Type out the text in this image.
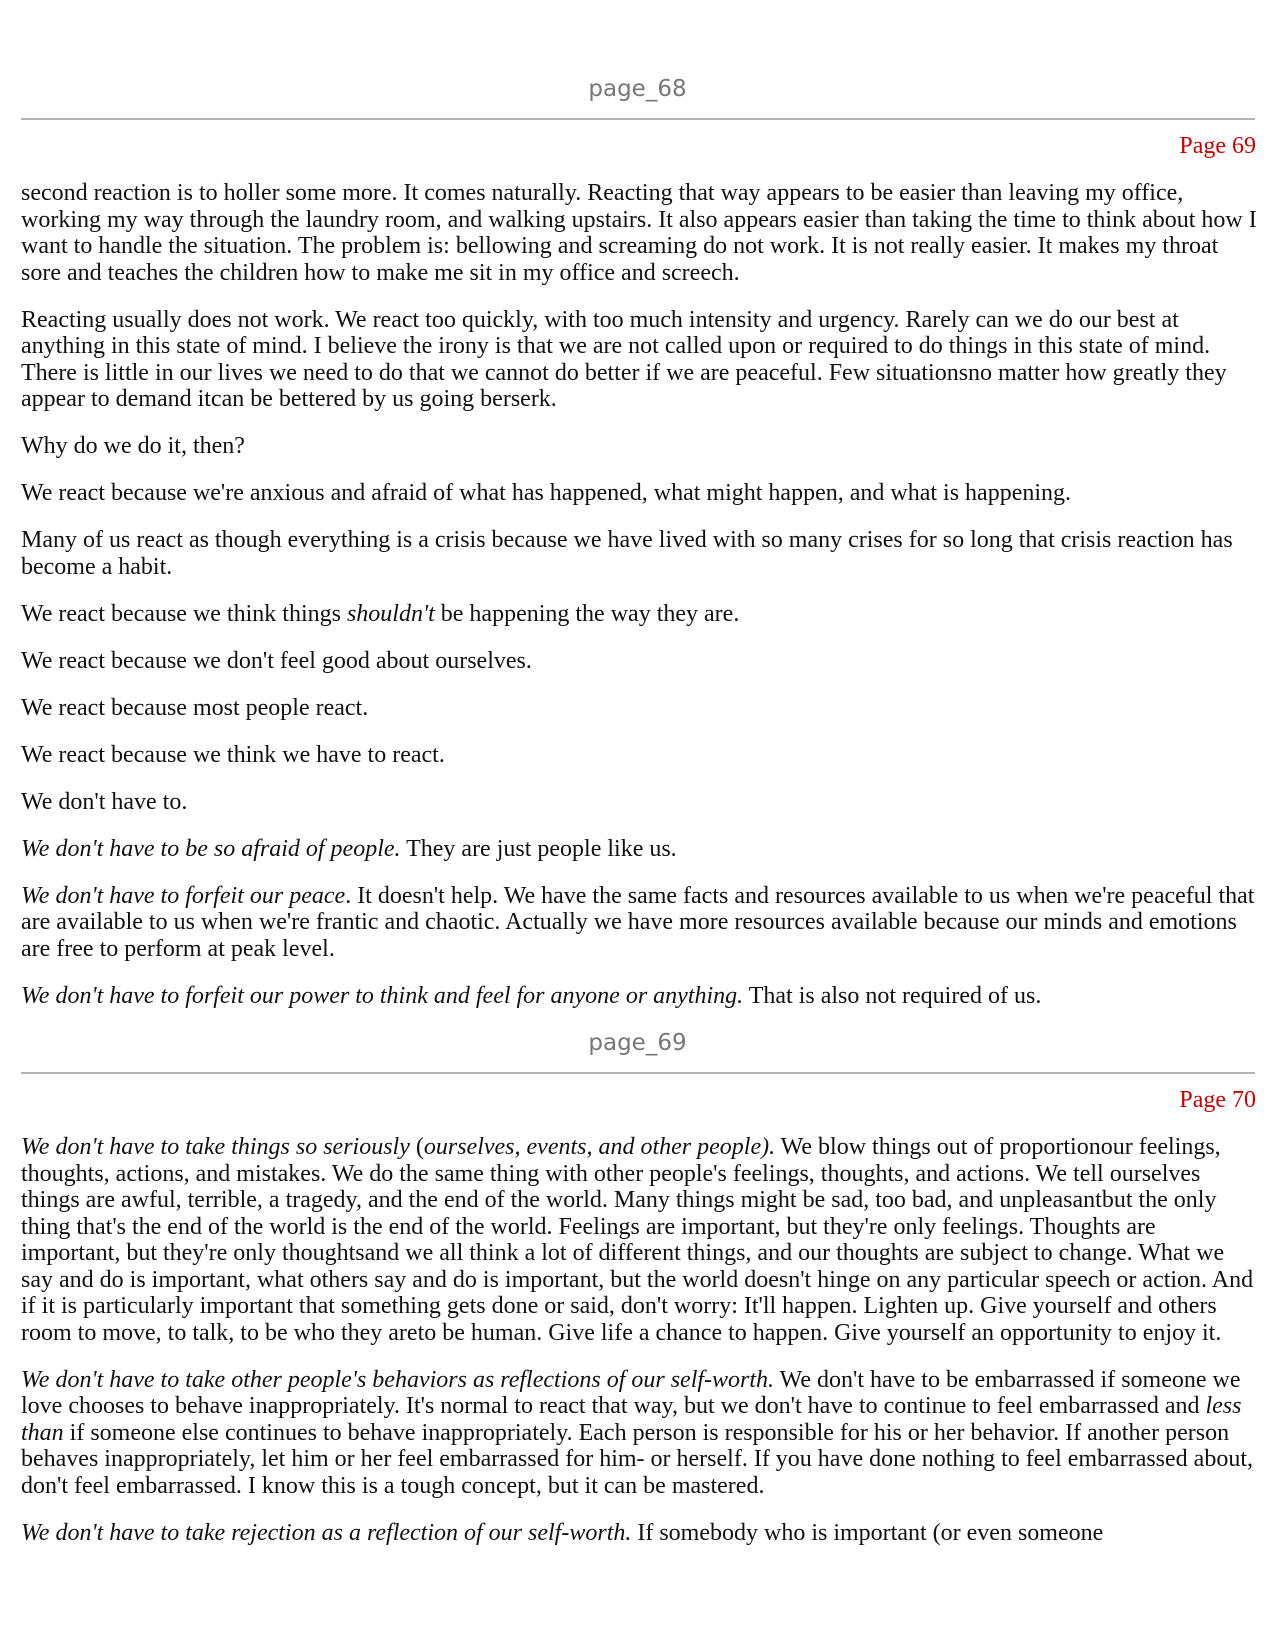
page_68
Page 69

second reaction is to holler some more. It comes naturally. Reacting that way appears to be easier than leaving my office, working my way through the laundry room, and walking upstairs. It also appears easier than taking the time to think about how I want to handle the situation. The problem is: bellowing and screaming do not work. It is not really easier. It makes my throat sore and teaches the children how to make me sit in my office and screech.

Reacting usually does not work. We react too quickly, with too much intensity and urgency. Rarely can we do our best at anything in this state of mind. I believe the irony is that we are not called upon or required to do things in this state of mind. There is little in our lives we need to do that we cannot do better if we are peaceful. Few situationsno matter how greatly they appear to demand itcan be bettered by us going berserk.

Why do we do it, then?

We react because we're anxious and afraid of what has happened, what might happen, and what is happening.

Many of us react as though everything is a crisis because we have lived with so many crises for so long that crisis reaction has become a habit.

We react because we think things shouldn't be happening the way they are.

We react because we don't feel good about ourselves.

We react because most people react.

We react because we think we have to react.

We don't have to.

We don't have to be so afraid of people. They are just people like us.

We don't have to forfeit our peace. It doesn't help. We have the same facts and resources available to us when we're peaceful that are available to us when we're frantic and chaotic. Actually we have more resources available because our minds and emotions are free to perform at peak level.

We don't have to forfeit our power to think and feel for anyone or anything. That is also not required of us.

page_69
Page 70

We don't have to take things so seriously (ourselves, events, and other people). We blow things out of proportionour feelings, thoughts, actions, and mistakes. We do the same thing with other people's feelings, thoughts, and actions. We tell ourselves things are awful, terrible, a tragedy, and the end of the world. Many things might be sad, too bad, and unpleasantbut the only thing that's the end of the world is the end of the world. Feelings are important, but they're only feelings. Thoughts are important, but they're only thoughtsand we all think a lot of different things, and our thoughts are subject to change. What we say and do is important, what others say and do is important, but the world doesn't hinge on any particular speech or action. And if it is particularly important that something gets done or said, don't worry: It'll happen. Lighten up. Give yourself and others room to move, to talk, to be who they areto be human. Give life a chance to happen. Give yourself an opportunity to enjoy it.

We don't have to take other people's behaviors as reflections of our self-worth. We don't have to be embarrassed if someone we love chooses to behave inappropriately. It's normal to react that way, but we don't have to continue to feel embarrassed and less than if someone else continues to behave inappropriately. Each person is responsible for his or her behavior. If another person behaves inappropriately, let him or her feel embarrassed for him- or herself. If you have done nothing to feel embarrassed about, don't feel embarrassed. I know this is a tough concept, but it can be mastered.

We don't have to take rejection as a reflection of our self-worth. If somebody who is important (or even someone
